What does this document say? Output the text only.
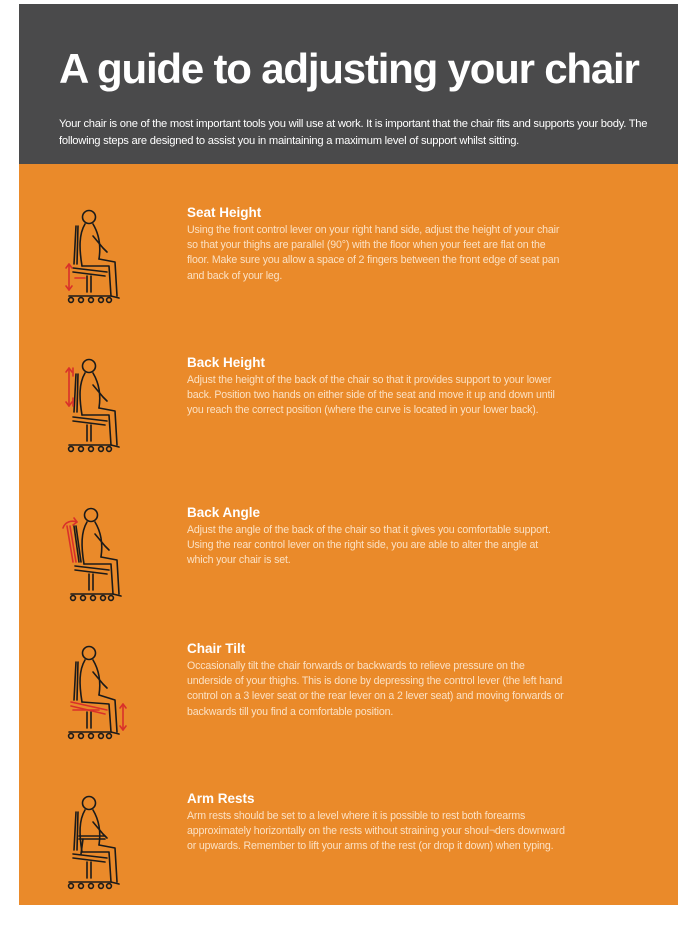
A guide to adjusting your chair

Your chair is one of the most important tools you will use at work. It is important that the chair fits and supports your body. The following steps are designed to assist you in maintaining a maximum level of support whilst sitting.

Seat Height

Using the front control lever on your right hand side, adjust the height of your chair so that your thighs are parallel (90°) with the floor when your feet are flat on the floor. Make sure you allow a space of 2 fingers between the front edge of seat pan and back of your leg.

Back Height

Adjust the height of the back of the chair so that it provides support to your lower back. Position two hands on either side of the seat and move it up and down until you reach the correct position (where the curve is located in your lower back).

Back Angle

Adjust the angle of the back of the chair so that it gives you comfortable support. Using the rear control lever on the right side, you are able to alter the angle at which your chair is set.

Chair Tilt

Occasionally tilt the chair forwards or backwards to relieve pressure on the underside of your thighs. This is done by depressing the control lever (the left hand control on a 3 lever seat or the rear lever on a 2 lever seat) and moving forwards or backwards till you find a comfortable position.

Arm Rests

Arm rests should be set to a level where it is possible to rest both forearms approximately horizontally on the rests without straining your shoul¬ders downward or upwards. Remember to lift your arms of the rest (or drop it down) when typing.
